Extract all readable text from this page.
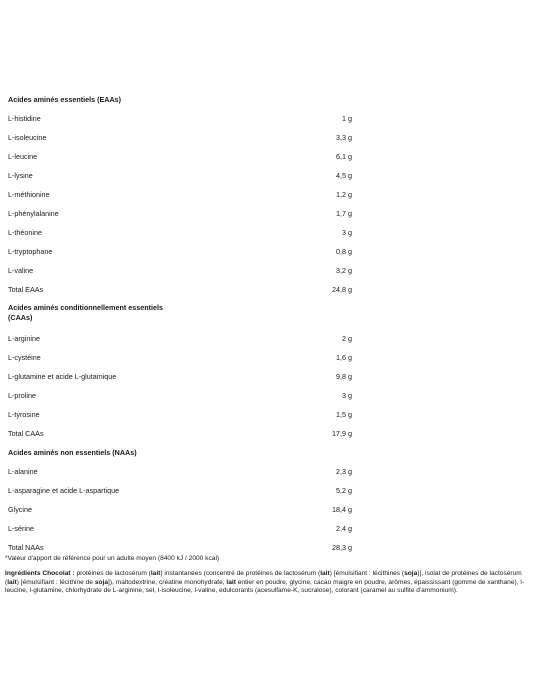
Acides aminés essentiels (EAAs)
L-histidine	1 g
L-isoleucine	3,3 g
L-leucine	6,1 g
L-lysine	4,5 g
L-méthionine	1,2 g
L-phénylalanine	1,7 g
L-théonine	3 g
L-tryptophane	0,8 g
L-valine	3,2 g
Total EAAs	24,8 g
Acides aminés conditionnellement essentiels (CAAs)
L-arginine	2 g
L-cystéine	1,6 g
L-glutamine et acide L-glutamique	9,8 g
L-proline	3 g
L-tyrosine	1,5 g
Total CAAs	17,9 g
Acides aminés non essentiels (NAAs)
L-alanine	2,3 g
L-asparagine et acide L-aspartique	5,2 g
Glycine	18,4 g
L-sérine	2,4 g
Total NAAs	28,3 g
*Valeur d'apport de référence pour un adulte moyen (8400 kJ / 2000 kcal)
Ingrédients Chocolat : protéines de lactosérum (lait) instantanées (concentré de protéines de lactosérum (lait) [émulsifiant : lécithines (soja)], isolat de protéines de lactosérum (lait) [émulsifiant : lécithine de soja]), maltodextrine, créatine monohydrate, lait entier en poudre, glycine, cacao maigre en poudre, arômes, épaississant (gomme de xanthane), l-leucine, l-glutamine, chlorhydrate de L-arginine, sel, l-isoleucine, l-valine, edulcorants (acesulfame-K, sucralose), colorant (caramel au sulfite d'ammonium).
